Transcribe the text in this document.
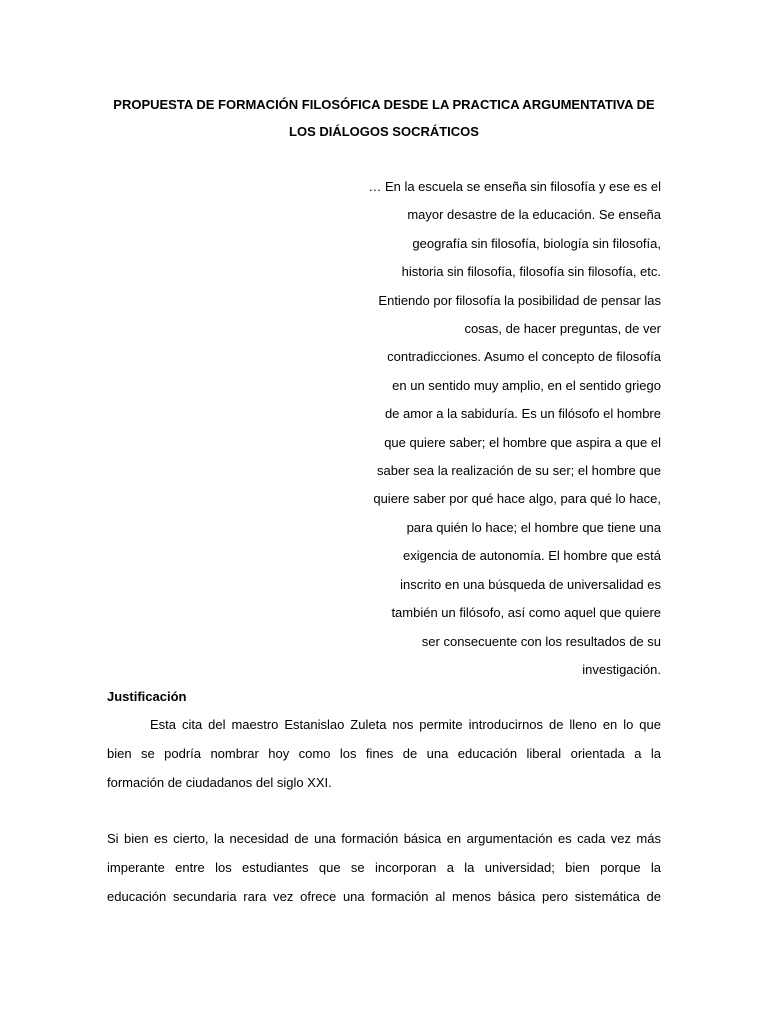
PROPUESTA DE FORMACIÓN FILOSÓFICA DESDE LA PRACTICA ARGUMENTATIVA DE
LOS DIÁLOGOS SOCRÁTICOS
… En la escuela se enseña sin filosofía y ese es el
mayor desastre de la educación. Se enseña
geografía sin filosofía, biología sin filosofía,
historia sin filosofía, filosofía sin filosofía, etc.
Entiendo por filosofía la posibilidad de pensar las
cosas, de hacer preguntas, de ver
contradicciones. Asumo el concepto de filosofía
en un sentido muy amplio, en el sentido griego
de amor a la sabiduría. Es un filósofo el hombre
que quiere saber; el hombre que aspira a que el
saber sea la realización de su ser; el hombre que
quiere saber por qué hace algo, para qué lo hace,
para quién lo hace; el hombre que tiene una
exigencia de autonomía. El hombre que está
inscrito en una búsqueda de universalidad es
también un filósofo, así como aquel que quiere
ser consecuente con los resultados de su
investigación.
Justificación
Esta cita del maestro Estanislao Zuleta nos permite introducirnos de lleno en lo que
bien se podría nombrar hoy como los fines de una educación liberal orientada a la
formación de ciudadanos del siglo XXI.
Si bien es cierto, la necesidad de una formación básica en argumentación es cada vez más
imperante entre los estudiantes que se incorporan a la universidad; bien porque la
educación secundaria rara vez ofrece una formación al menos básica pero sistemática de
